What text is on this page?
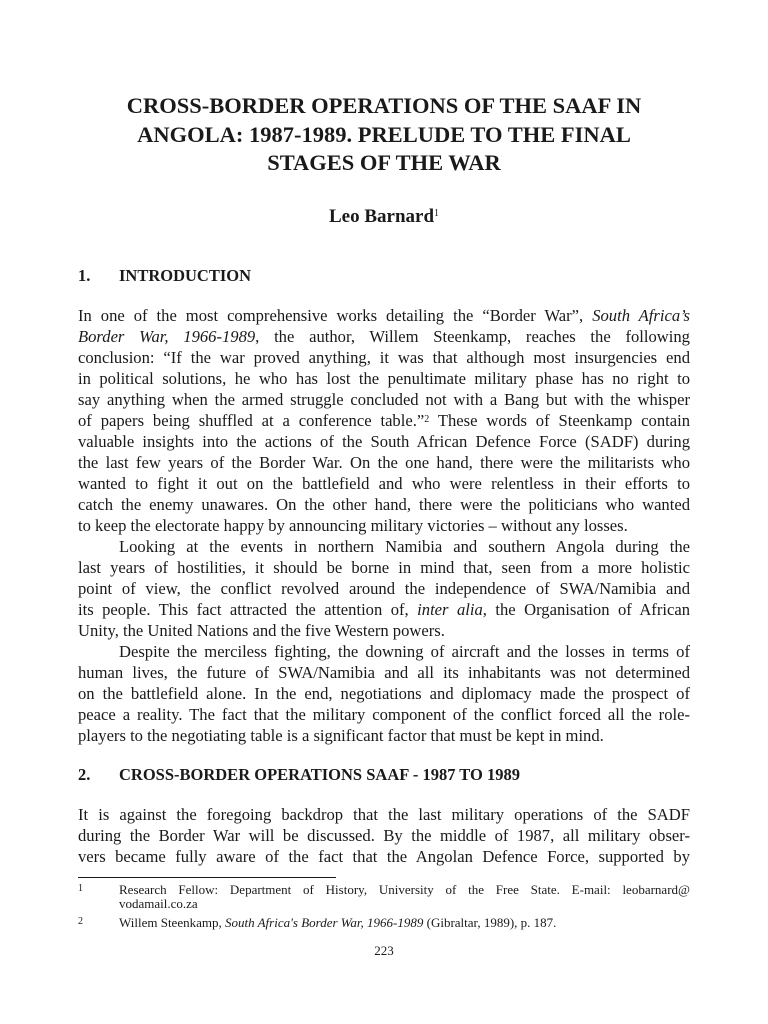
CROSS-BORDER OPERATIONS OF THE SAAF IN
ANGOLA: 1987-1989. PRELUDE TO THE FINAL
STAGES OF THE WAR
Leo Barnard$^1$
1. INTRODUCTION
In one of the most comprehensive works detailing the “Border War”, South Africa’s
Border War, 1966-1989, the author, Willem Steenkamp, reaches the following
conclusion: “If the war proved anything, it was that although most insurgencies end
in political solutions, he who has lost the penultimate military phase has no right to
say anything when the armed struggle concluded not with a Bang but with the whisper
of papers being shuffled at a conference table.”$^2$ These words of Steenkamp contain
valuable insights into the actions of the South African Defence Force (SADF) during
the last few years of the Border War. On the one hand, there were the militarists who
wanted to fight it out on the battlefield and who were relentless in their efforts to
catch the enemy unawares. On the other hand, there were the politicians who wanted
to keep the electorate happy by announcing military victories – without any losses.
Looking at the events in northern Namibia and southern Angola during the
last years of hostilities, it should be borne in mind that, seen from a more holistic
point of view, the conflict revolved around the independence of SWA/Namibia and
its people. This fact attracted the attention of, inter alia, the Organisation of African
Unity, the United Nations and the five Western powers.
Despite the merciless fighting, the downing of aircraft and the losses in terms of
human lives, the future of SWA/Namibia and all its inhabitants was not determined
on the battlefield alone. In the end, negotiations and diplomacy made the prospect of
peace a reality. The fact that the military component of the conflict forced all the role-
players to the negotiating table is a significant factor that must be kept in mind.
2. CROSS-BORDER OPERATIONS SAAF - 1987 TO 1989
It is against the foregoing backdrop that the last military operations of the SADF
during the Border War will be discussed. By the middle of 1987, all military obser-
vers became fully aware of the fact that the Angolan Defence Force, supported by
1	Research Fellow: Department of History, University of the Free State. E-mail: leobarnard@
vodamail.co.za
2	Willem Steenkamp, South Africa's Border War, 1966-1989 (Gibraltar, 1989), p. 187.
223
